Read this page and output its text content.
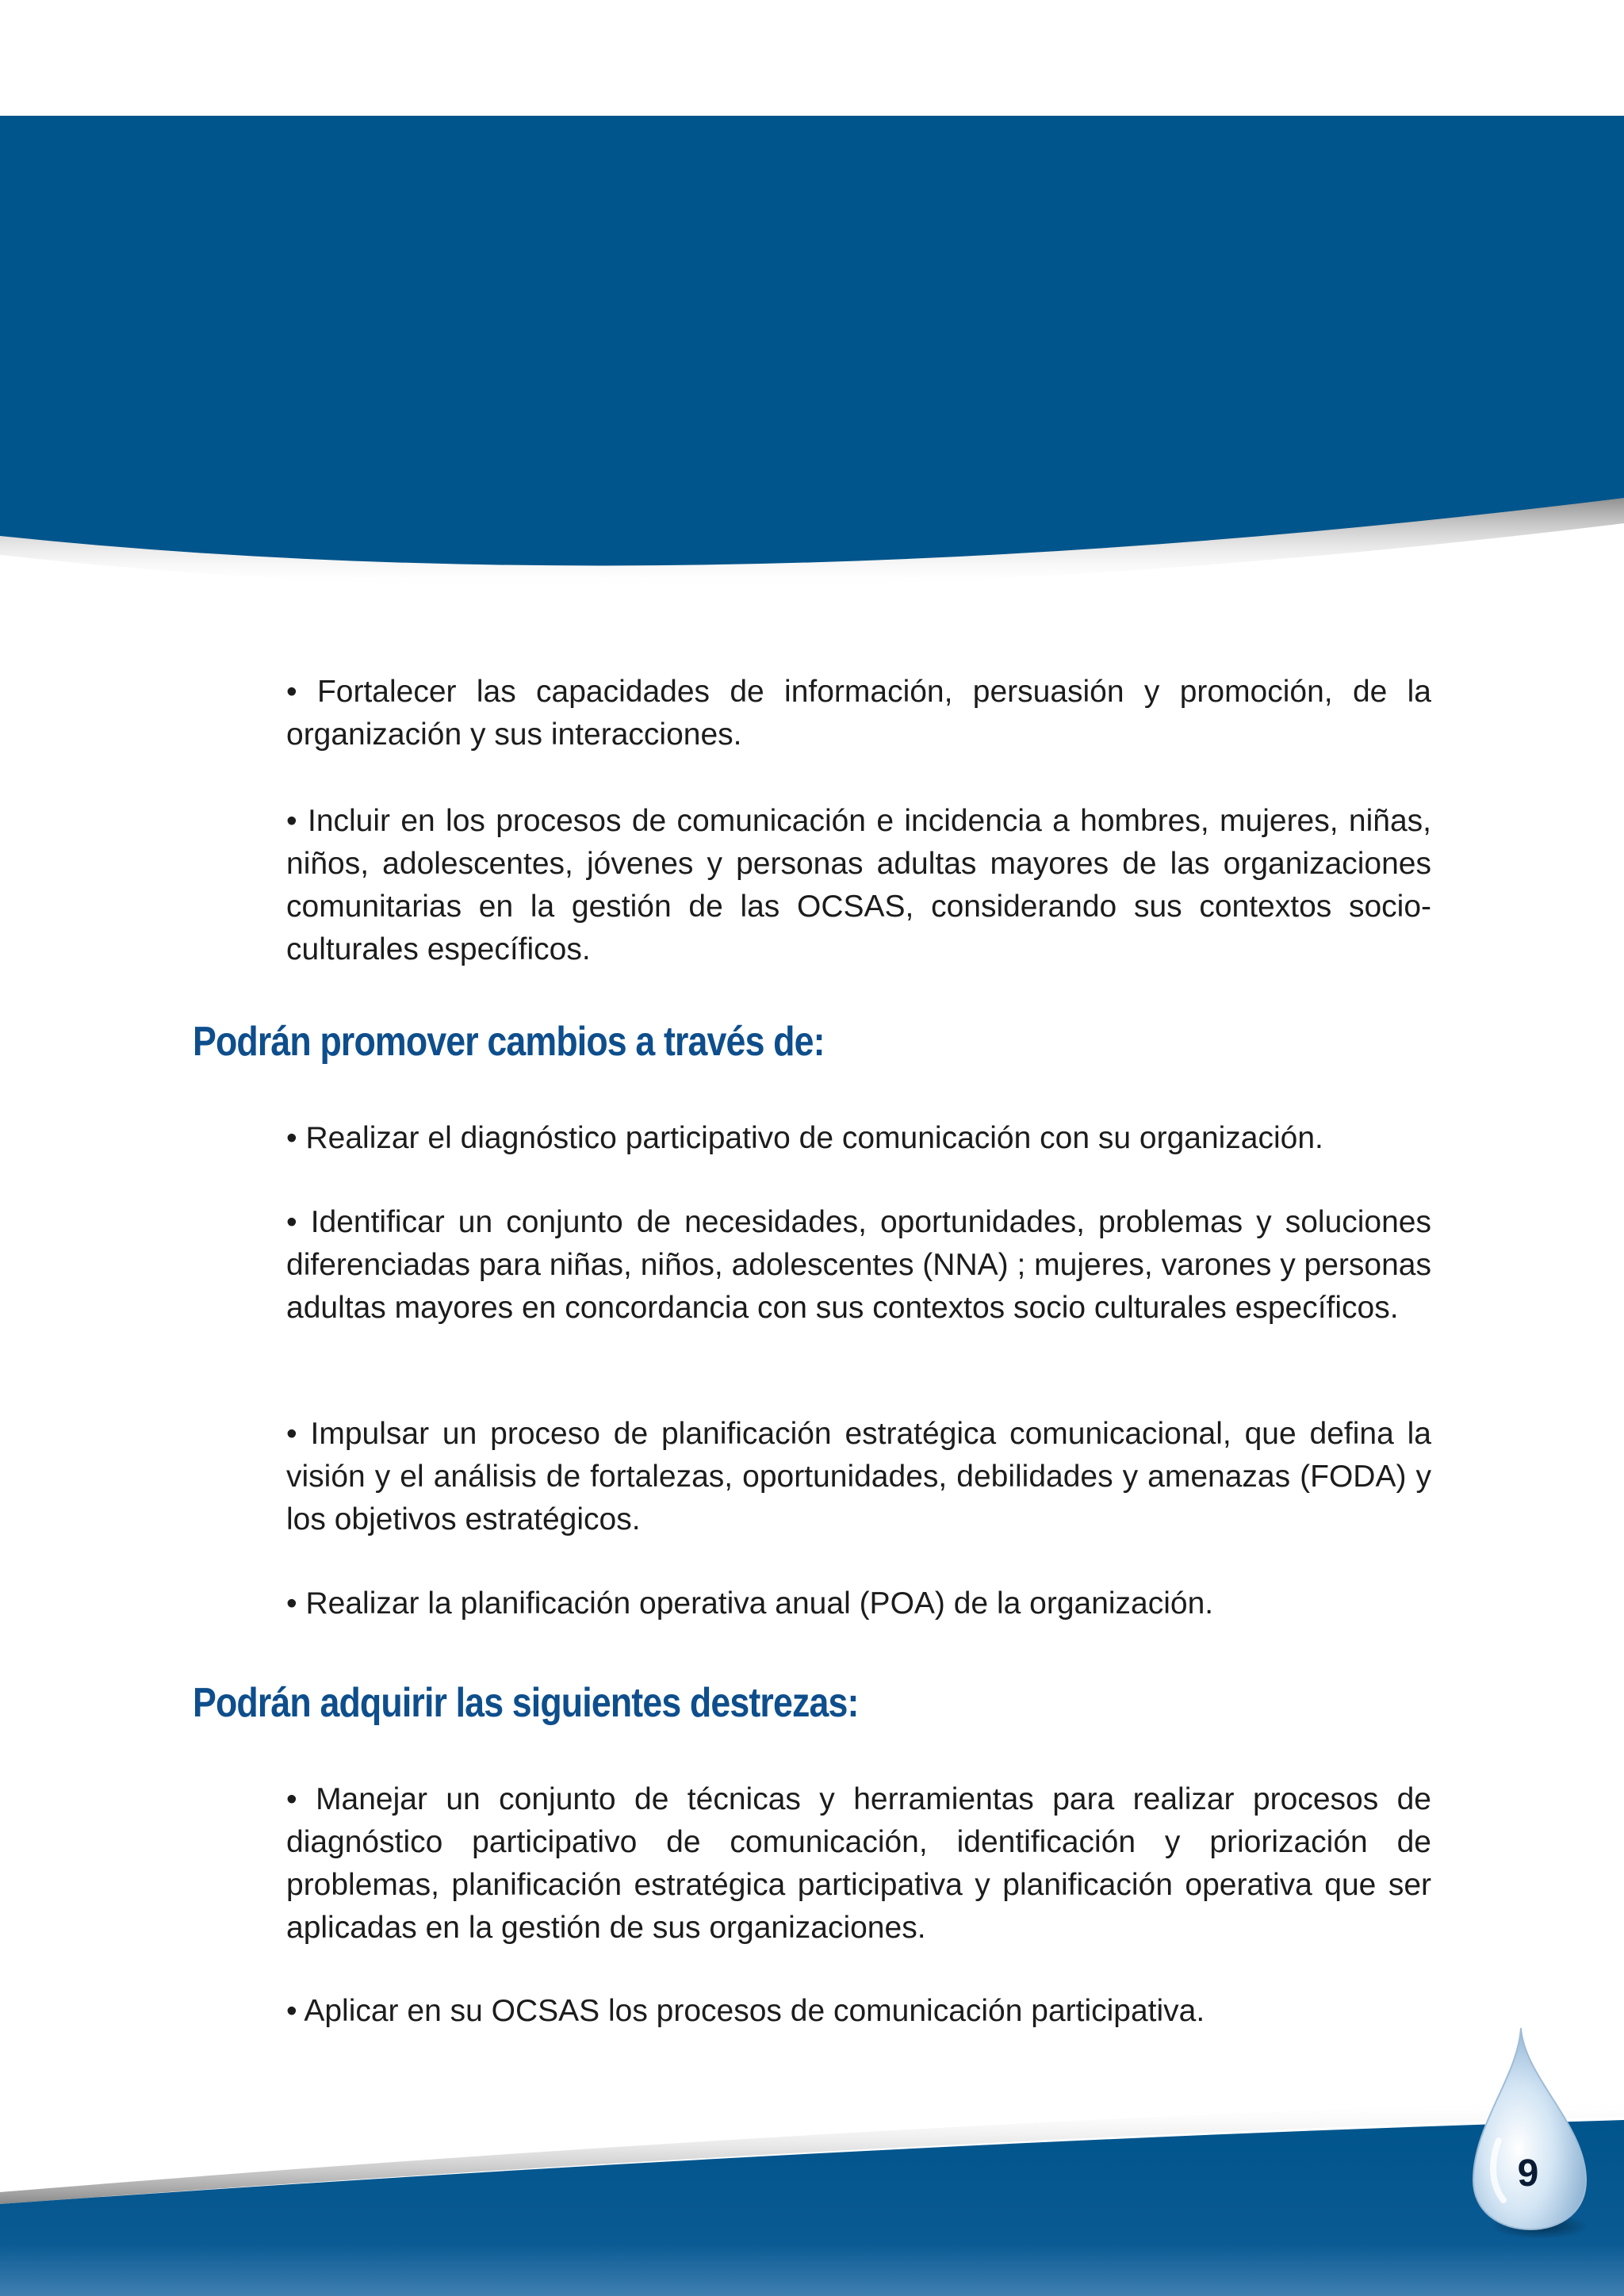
9

• Fortalecer las capacidades de información, persuasión y promoción, de la organización y sus interacciones.

• Incluir en los procesos de comunicación e incidencia a hombres, mujeres, niñas, niños, adolescentes, jóvenes y personas adultas mayores de las organizaciones comunitarias en la gestión de las OCSAS, considerando sus contextos socio-culturales específicos.

Podrán promover cambios a través de:

• Realizar el diagnóstico participativo de comunicación con su organización.

• Identificar un conjunto de necesidades, oportunidades, problemas y soluciones diferenciadas para niñas, niños, adolescentes (NNA) ; mujeres, varones y personas adultas mayores en concordancia con sus contextos socio culturales específicos.

• Impulsar un proceso de planificación estratégica comunicacional, que defina la visión y el análisis de fortalezas, oportunidades, debilidades y amenazas (FODA) y los objetivos estratégicos.

• Realizar la planificación operativa anual (POA) de la organización.

Podrán adquirir las siguientes destrezas:

• Manejar un conjunto de técnicas y herramientas para realizar procesos de diagnóstico participativo de comunicación, identificación y priorización de problemas, planificación estratégica participativa y planificación operativa que ser aplicadas en la gestión de sus organizaciones.

• Aplicar en su OCSAS los procesos de comunicación participativa.
